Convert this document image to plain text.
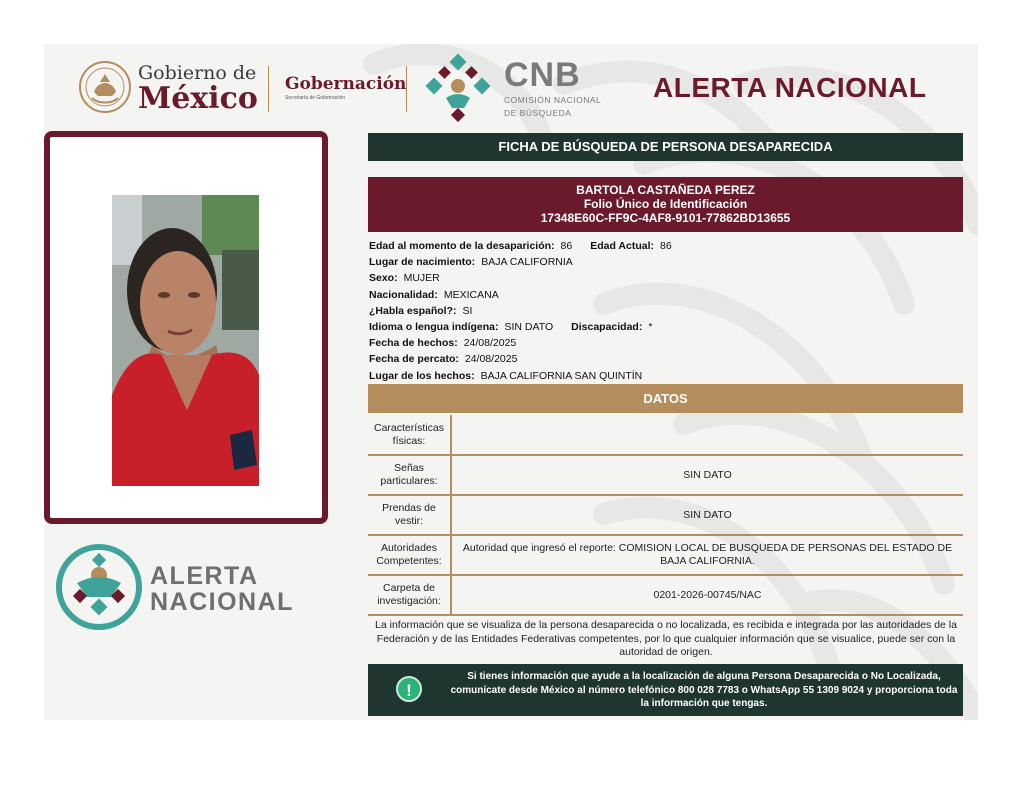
Gobierno de
México Gobernación
Secretaría de Gobernación
CNB
COMISIÓN NACIONAL
DE BÚSQUEDA
ALERTA NACIONAL
ALERTA
NACIONAL
FICHA DE BÚSQUEDA DE PERSONA DESAPARECIDA
BARTOLA CASTAÑEDA PEREZ
Folio Único de Identificación
17348E60C-FF9C-4AF8-9101-77862BD13655
Edad al momento de la desaparición: 86 Edad Actual: 86
Lugar de nacimiento: BAJA CALIFORNIA
Sexo: MUJER
Nacionalidad: MEXICANA
¿Habla español?: SI
Idioma o lengua indígena: SIN DATO Discapacidad: *
Fecha de hechos: 24/08/2025
Fecha de percato: 24/08/2025
Lugar de los hechos: BAJA CALIFORNIA SAN QUINTÍN
DATOS
Características
físicas:	

Señas
particulares:	SIN DATO

Prendas de
vestir:	SIN DATO

Autoridades
Competentes:	Autoridad que ingresó el reporte: COMISION LOCAL DE BUSQUEDA DE PERSONAS DEL ESTADO DE BAJA CALIFORNIA.

Carpeta de
investigación:	0201-2026-00745/NAC
La información que se visualiza de la persona desaparecida o no localizada, es recibida e integrada por las autoridades de la Federación y de las Entidades Federativas competentes, por lo que cualquier información que se visualice, puede ser con la autoridad de origen.
!
Si tienes información que ayude a la localización de alguna Persona Desaparecida o No Localizada, comunícate desde México al número telefónico 800 028 7783 o WhatsApp 55 1309 9024 y proporciona toda la información que tengas.
